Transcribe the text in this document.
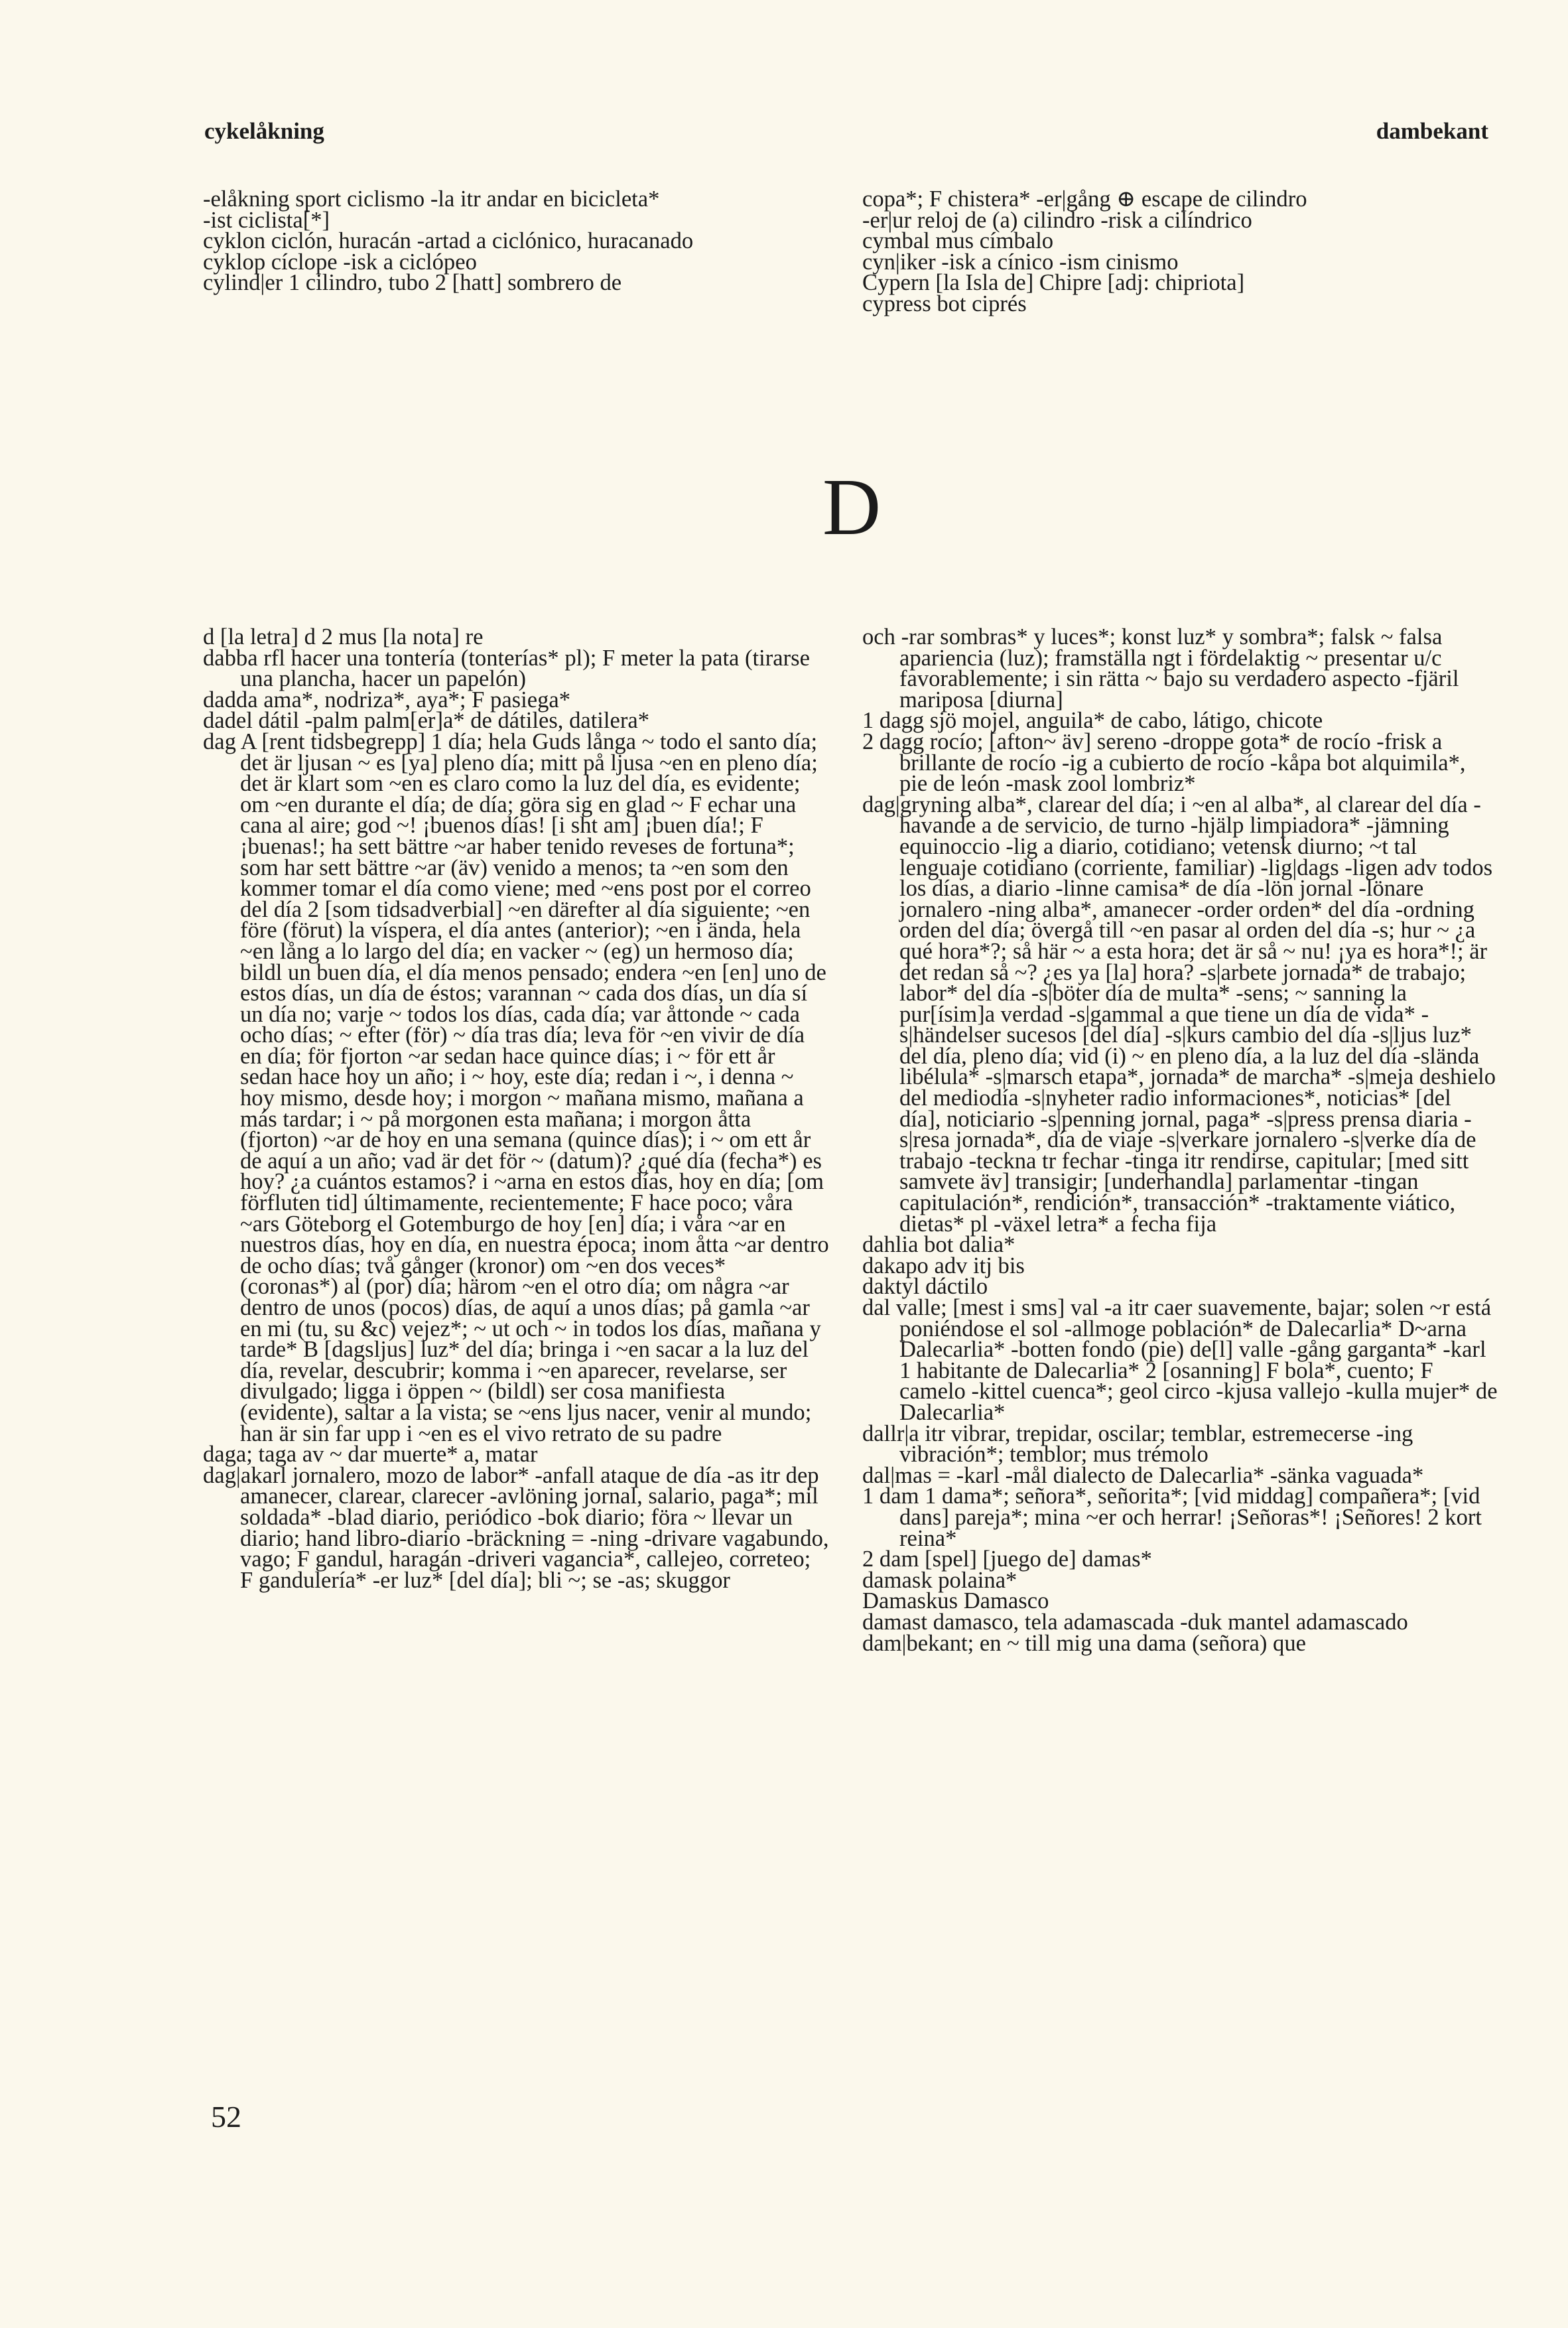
cykelåkning	dambekant

-elåkning sport ciclismo -la itr andar en bicicleta*

-ist ciclista[*]

cyklon ciclón, huracán -artad a ciclónico, huracanado

cyklop cíclope -isk a ciclópeo

cylind|er 1 cilindro, tubo 2 [hatt] sombrero de

copa*; F chistera* -er|gång ⊕ escape de cilindro

-er|ur reloj de (a) cilindro -risk a cilíndrico

cymbal mus címbalo

cyn|iker -isk a cínico -ism cinismo

Cypern [la Isla de] Chipre [adj: chipriota]

cypress bot ciprés

D

d [la letra] d 2 mus [la nota] re

dabba rfl hacer una tontería (tonterías* pl); F meter la pata (tirarse una plancha, hacer un papelón)

dadda ama*, nodriza*, aya*; F pasiega*

dadel dátil -palm palm[er]a* de dátiles, datilera*

dag A [rent tidsbegrepp] 1 día; hela Guds långa ~ todo el santo día; det är ljusan ~ es [ya] pleno día; mitt på ljusa ~en en pleno día; det är klart som ~en es claro como la luz del día, es evidente; om ~en durante el día; de día; göra sig en glad ~ F echar una cana al aire; god ~! ¡buenos días! [i sht am] ¡buen día!; F ¡buenas!; ha sett bättre ~ar haber tenido reveses de fortuna*; som har sett bättre ~ar (äv) venido a menos; ta ~en som den kommer tomar el día como viene; med ~ens post por el correo del día 2 [som tidsadverbial] ~en därefter al día siguiente; ~en före (förut) la víspera, el día antes (anterior); ~en i ända, hela ~en lång a lo largo del día; en vacker ~ (eg) un hermoso día; bildl un buen día, el día menos pensado; endera ~en [en] uno de estos días, un día de éstos; varannan ~ cada dos días, un día sí un día no; varje ~ todos los días, cada día; var åttonde ~ cada ocho días; ~ efter (för) ~ día tras día; leva för ~en vivir de día en día; för fjorton ~ar sedan hace quince días; i ~ för ett år sedan hace hoy un año; i ~ hoy, este día; redan i ~, i denna ~ hoy mismo, desde hoy; i morgon ~ mañana mismo, mañana a más tardar; i ~ på morgonen esta mañana; i morgon åtta (fjorton) ~ar de hoy en una semana (quince días); i ~ om ett år de aquí a un año; vad är det för ~ (datum)? ¿qué día (fecha*) es hoy? ¿a cuántos estamos? i ~arna en estos días, hoy en día; [om förfluten tid] últimamente, recientemente; F hace poco; våra ~ars Göteborg el Gotemburgo de hoy [en] día; i våra ~ar en nuestros días, hoy en día, en nuestra época; inom åtta ~ar dentro de ocho días; två gånger (kronor) om ~en dos veces* (coronas*) al (por) día; härom ~en el otro día; om några ~ar dentro de unos (pocos) días, de aquí a unos días; på gamla ~ar en mi (tu, su &c) vejez*; ~ ut och ~ in todos los días, mañana y tarde* B [dagsljus] luz* del día; bringa i ~en sacar a la luz del día, revelar, descubrir; komma i ~en aparecer, revelarse, ser divulgado; ligga i öppen ~ (bildl) ser cosa manifiesta (evidente), saltar a la vista; se ~ens ljus nacer, venir al mundo; han är sin far upp i ~en es el vivo retrato de su padre

daga; taga av ~ dar muerte* a, matar

dag|akarl jornalero, mozo de labor* -anfall ataque de día -as itr dep amanecer, clarear, clarecer -avlöning jornal, salario, paga*; mil soldada* -blad diario, periódico -bok diario; föra ~ llevar un diario; hand libro-diario -bräckning = -ning -drivare vagabundo, vago; F gandul, haragán -driveri vagancia*, callejeo, correteo; F gandulería* -er luz* [del día]; bli ~; se -as; skuggor

och -rar sombras* y luces*; konst luz* y sombra*; falsk ~ falsa apariencia (luz); framställa ngt i fördelaktig ~ presentar u/c favorablemente; i sin rätta ~ bajo su verdadero aspecto -fjäril mariposa [diurna]

1 dagg sjö mojel, anguila* de cabo, látigo, chicote

2 dagg rocío; [afton~ äv] sereno -droppe gota* de rocío -frisk a brillante de rocío -ig a cubierto de rocío -kåpa bot alquimila*, pie de león -mask zool lombriz*

dag|gryning alba*, clarear del día; i ~en al alba*, al clarear del día -havande a de servicio, de turno -hjälp limpiadora* -jämning equinoccio -lig a diario, cotidiano; vetensk diurno; ~t tal lenguaje cotidiano (corriente, familiar) -lig|dags -ligen adv todos los días, a diario -linne camisa* de día -lön jornal -lönare jornalero -ning alba*, amanecer -order orden* del día -ordning orden del día; övergå till ~en pasar al orden del día -s; hur ~ ¿a qué hora*?; så här ~ a esta hora; det är så ~ nu! ¡ya es hora*!; är det redan så ~? ¿es ya [la] hora? -s|arbete jornada* de trabajo; labor* del día -s|böter día de multa* -sens; ~ sanning la pur[ísim]a verdad -s|gammal a que tiene un día de vida* -s|händelser sucesos [del día] -s|kurs cambio del día -s|ljus luz* del día, pleno día; vid (i) ~ en pleno día, a la luz del día -slända libélula* -s|marsch etapa*, jornada* de marcha* -s|meja deshielo del mediodía -s|nyheter radio informaciones*, noticias* [del día], noticiario -s|penning jornal, paga* -s|press prensa diaria -s|resa jornada*, día de viaje -s|verkare jornalero -s|verke día de trabajo -teckna tr fechar -tinga itr rendirse, capitular; [med sitt samvete äv] transigir; [underhandla] parlamentar -tingan capitulación*, rendición*, transacción* -traktamente viático, dietas* pl -växel letra* a fecha fija

dahlia bot dalia*

dakapo adv itj bis

daktyl dáctilo

dal valle; [mest i sms] val -a itr caer suavemente, bajar; solen ~r está poniéndose el sol -allmoge población* de Dalecarlia* D~arna Dalecarlia* -botten fondo (pie) de[l] valle -gång garganta* -karl 1 habitante de Dalecarlia* 2 [osanning] F bola*, cuento; F camelo -kittel cuenca*; geol circo -kjusa vallejo -kulla mujer* de Dalecarlia*

dallr|a itr vibrar, trepidar, oscilar; temblar, estremecerse -ing vibración*; temblor; mus trémolo

dal|mas = -karl -mål dialecto de Dalecarlia* -sänka vaguada*

1 dam 1 dama*; señora*, señorita*; [vid middag] compañera*; [vid dans] pareja*; mina ~er och herrar! ¡Señoras*! ¡Señores! 2 kort reina*

2 dam [spel] [juego de] damas*

damask polaina*

Damaskus Damasco

damast damasco, tela adamascada -duk mantel adamascado

dam|bekant; en ~ till mig una dama (señora) que

52
